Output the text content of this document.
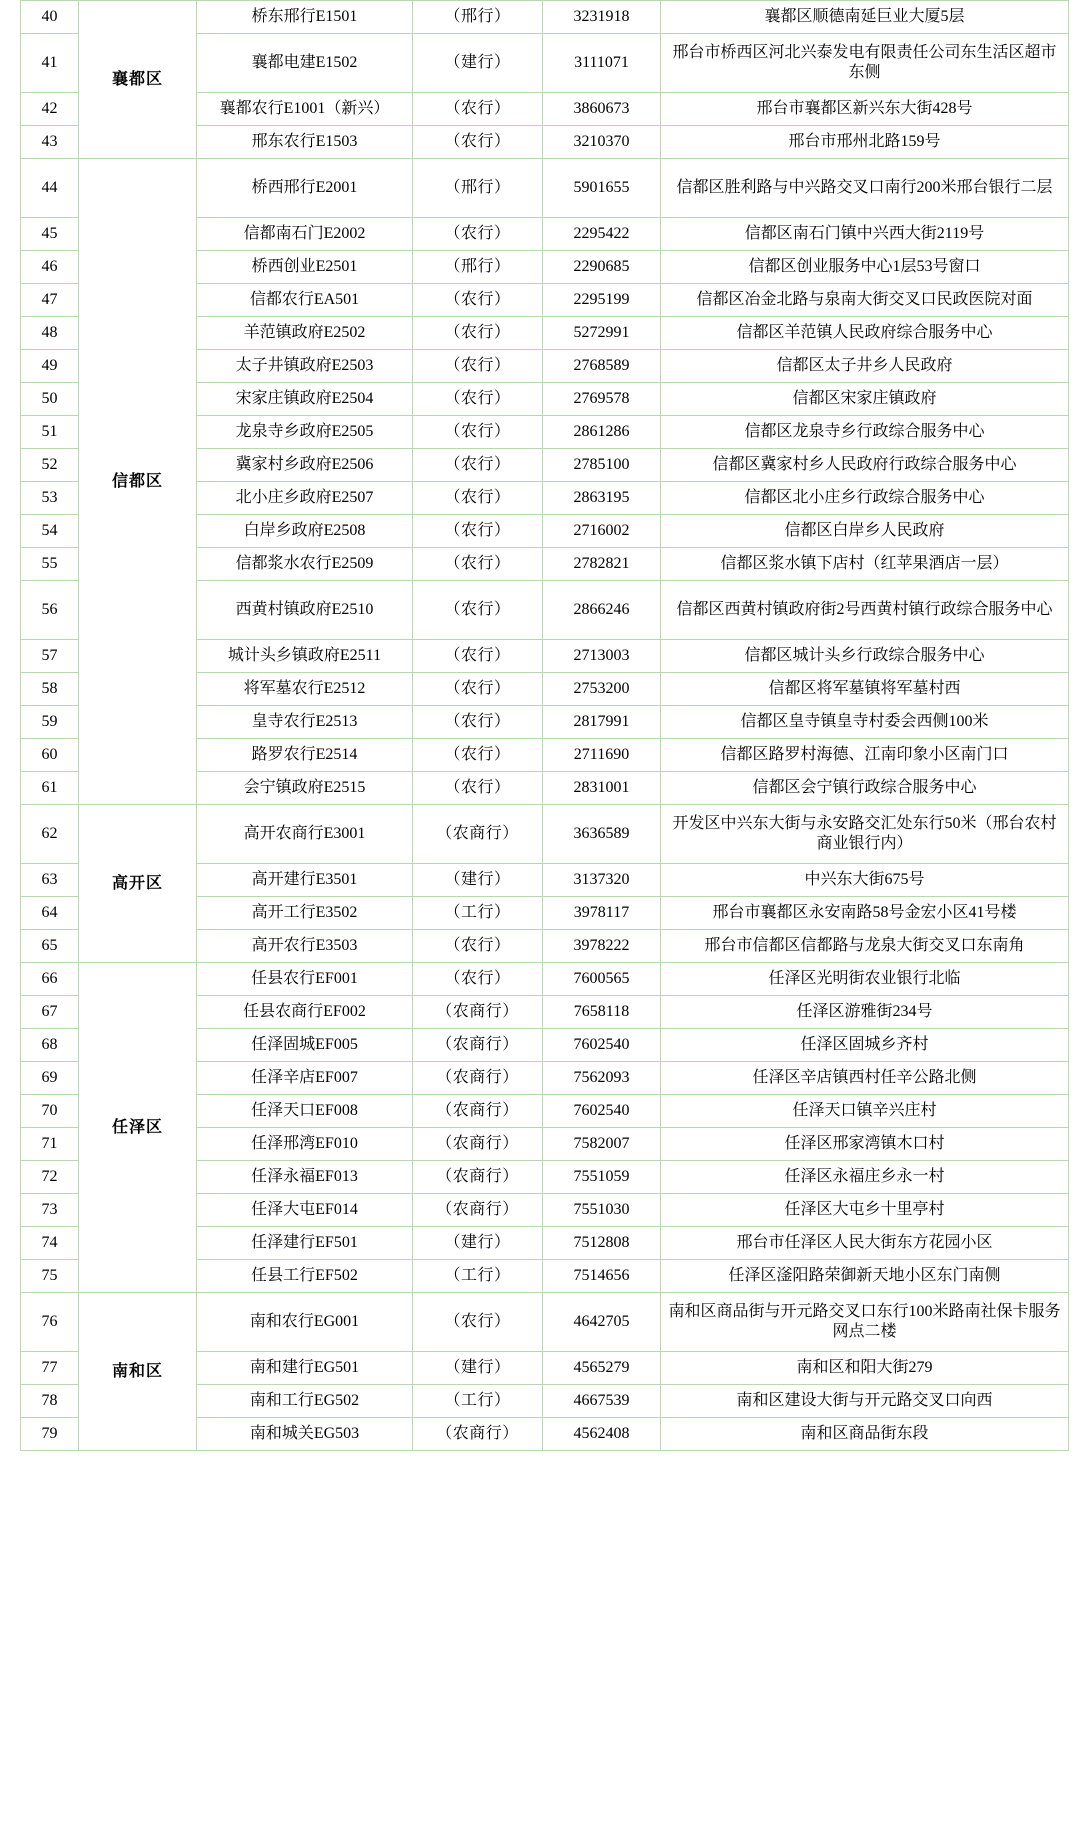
40	襄都区	桥东邢行E1501	（邢行）	3231918	襄都区顺德南延巨业大厦5层
41		襄都电建E1502	（建行）	3111071	邢台市桥西区河北兴泰发电有限责任公司东生活区超市东侧
42		襄都农行E1001（新兴）	（农行）	3860673	邢台市襄都区新兴东大街428号
43		邢东农行E1503	（农行）	3210370	邢台市邢州北路159号
44	信都区	桥西邢行E2001	（邢行）	5901655	信都区胜利路与中兴路交叉口南行200米邢台银行二层
45		信都南石门E2002	（农行）	2295422	信都区南石门镇中兴西大街2119号
46		桥西创业E2501	（邢行）	2290685	信都区创业服务中心1层53号窗口
47		信都农行EA501	（农行）	2295199	信都区冶金北路与泉南大街交叉口民政医院对面
48		羊范镇政府E2502	（农行）	5272991	信都区羊范镇人民政府综合服务中心
49		太子井镇政府E2503	（农行）	2768589	信都区太子井乡人民政府
50		宋家庄镇政府E2504	（农行）	2769578	信都区宋家庄镇政府
51		龙泉寺乡政府E2505	（农行）	2861286	信都区龙泉寺乡行政综合服务中心
52		冀家村乡政府E2506	（农行）	2785100	信都区冀家村乡人民政府行政综合服务中心
53		北小庄乡政府E2507	（农行）	2863195	信都区北小庄乡行政综合服务中心
54		白岸乡政府E2508	（农行）	2716002	信都区白岸乡人民政府
55		信都浆水农行E2509	（农行）	2782821	信都区浆水镇下店村（红苹果酒店一层）
56		西黄村镇政府E2510	（农行）	2866246	信都区西黄村镇政府街2号西黄村镇行政综合服务中心
57		城计头乡镇政府E2511	（农行）	2713003	信都区城计头乡行政综合服务中心
58		将军墓农行E2512	（农行）	2753200	信都区将军墓镇将军墓村西
59		皇寺农行E2513	（农行）	2817991	信都区皇寺镇皇寺村委会西侧100米
60		路罗农行E2514	（农行）	2711690	信都区路罗村海德、江南印象小区南门口
61		会宁镇政府E2515	（农行）	2831001	信都区会宁镇行政综合服务中心
62	高开区	高开农商行E3001	（农商行）	3636589	开发区中兴东大街与永安路交汇处东行50米（邢台农村商业银行内）
63		高开建行E3501	（建行）	3137320	中兴东大街675号
64		高开工行E3502	（工行）	3978117	邢台市襄都区永安南路58号金宏小区41号楼
65		高开农行E3503	（农行）	3978222	邢台市信都区信都路与龙泉大街交叉口东南角
66	任泽区	任县农行EF001	（农行）	7600565	任泽区光明街农业银行北临
67		任县农商行EF002	（农商行）	7658118	任泽区游雅街234号
68		任泽固城EF005	（农商行）	7602540	任泽区固城乡齐村
69		任泽辛店EF007	（农商行）	7562093	任泽区辛店镇西村任辛公路北侧
70		任泽天口EF008	（农商行）	7602540	任泽天口镇辛兴庄村
71		任泽邢湾EF010	（农商行）	7582007	任泽区邢家湾镇木口村
72		任泽永福EF013	（农商行）	7551059	任泽区永福庄乡永一村
73		任泽大屯EF014	（农商行）	7551030	任泽区大屯乡十里亭村
74		任泽建行EF501	（建行）	7512808	邢台市任泽区人民大街东方花园小区
75		任县工行EF502	（工行）	7514656	任泽区滏阳路荣御新天地小区东门南侧
76	南和区	南和农行EG001	（农行）	4642705	南和区商品街与开元路交叉口东行100米路南社保卡服务网点二楼
77		南和建行EG501	（建行）	4565279	南和区和阳大街279
78		南和工行EG502	（工行）	4667539	南和区建设大街与开元路交叉口向西
79		南和城关EG503	（农商行）	4562408	南和区商品街东段
